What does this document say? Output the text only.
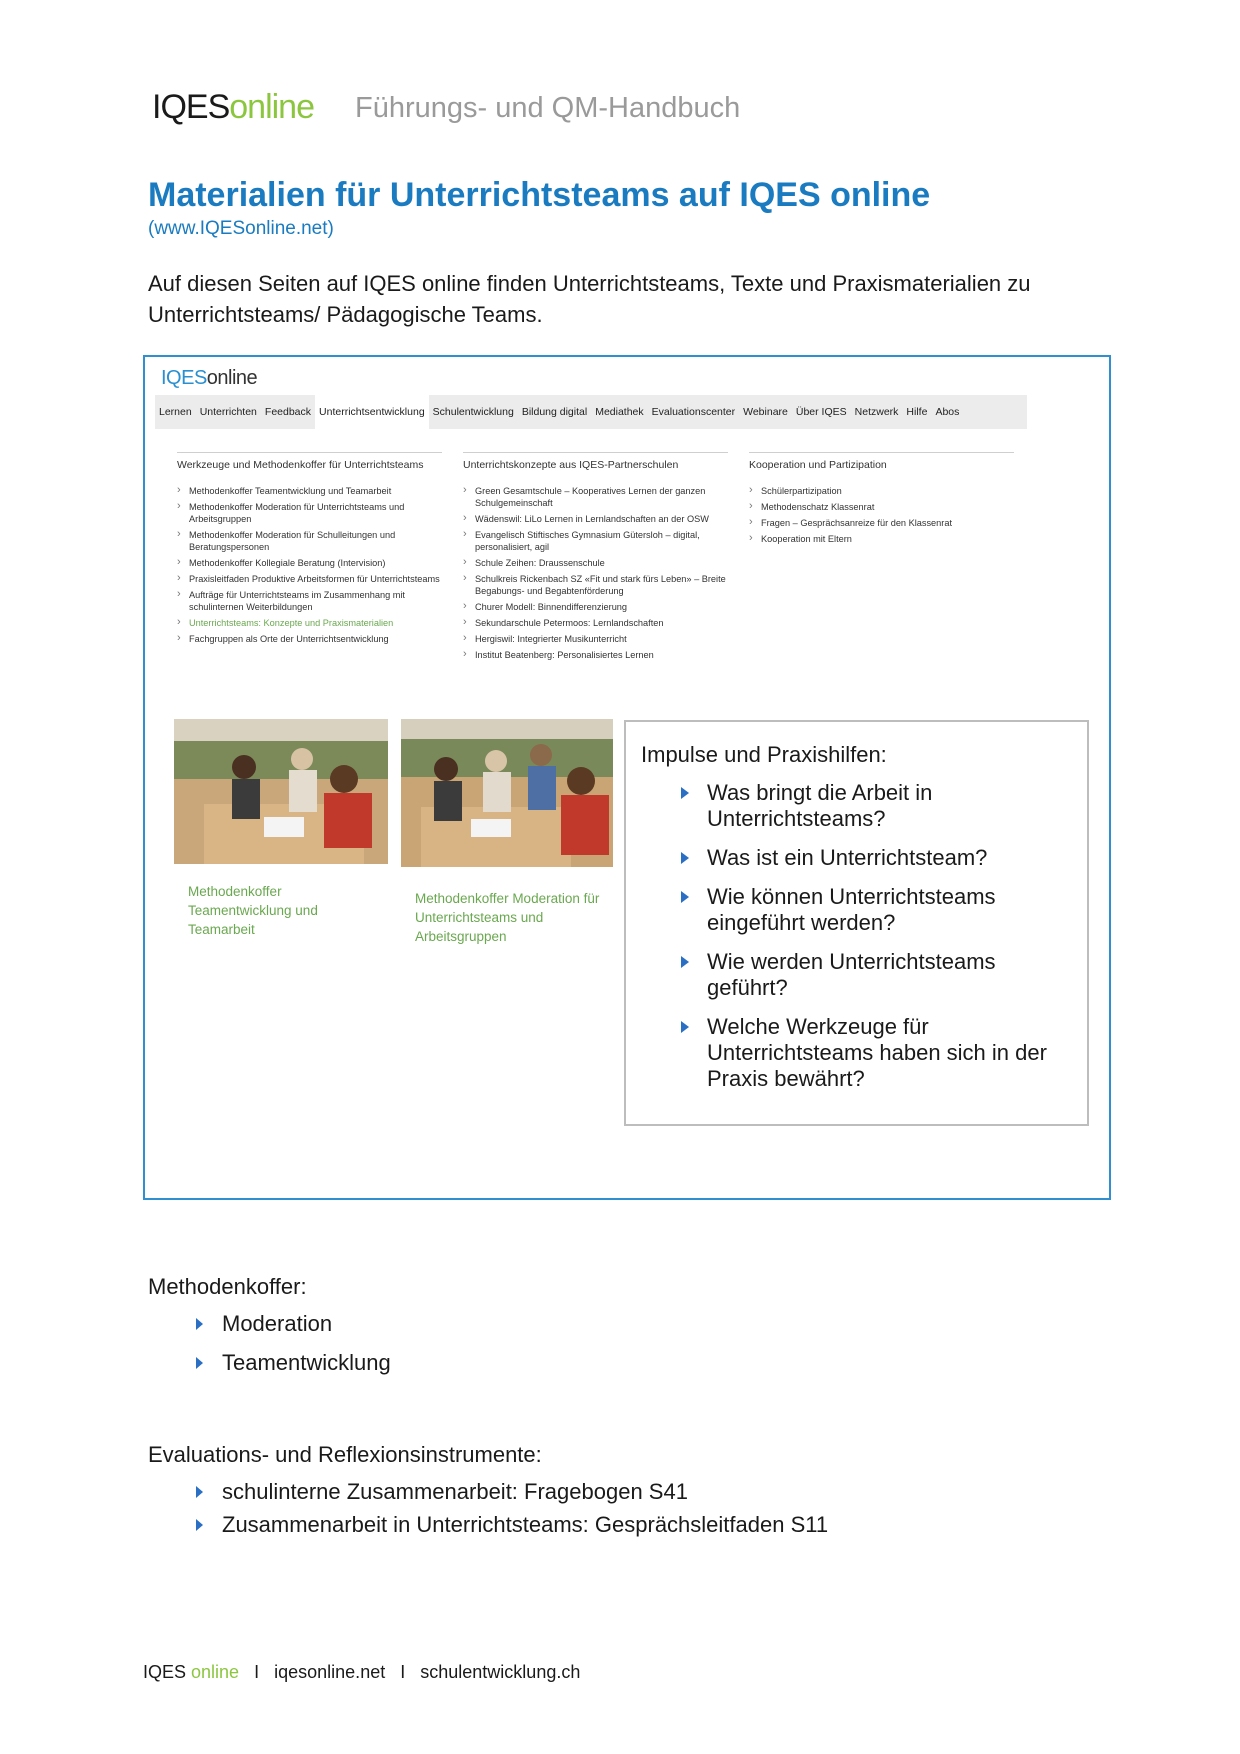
IQESonline Führungs- und QM-Handbuch
Materialien für Unterrichtsteams auf IQES online
(www.IQESonline.net)
Auf diesen Seiten auf IQES online finden Unterrichtsteams, Texte und Praxismaterialien zu Unterrichtsteams/ Pädagogische Teams.
IQESonline
Lernen Unterrichten Feedback Unterrichtsentwicklung Schulentwicklung Bildung digital Mediathek Evaluationscenter Webinare Über IQES Netzwerk Hilfe Abos
Werkzeuge und Methodenkoffer für Unterrichtsteams
› Methodenkoffer Teamentwicklung und Teamarbeit
› Methodenkoffer Moderation für Unterrichtsteams und Arbeitsgruppen
› Methodenkoffer Moderation für Schulleitungen und Beratungspersonen
› Methodenkoffer Kollegiale Beratung (Intervision)
› Praxisleitfaden Produktive Arbeitsformen für Unterrichtsteams
› Aufträge für Unterrichtsteams im Zusammenhang mit schulinternen Weiterbildungen
› Unterrichtsteams: Konzepte und Praxismaterialien
› Fachgruppen als Orte der Unterrichtsentwicklung
Unterrichtskonzepte aus IQES-Partnerschulen
› Green Gesamtschule – Kooperatives Lernen der ganzen Schulgemeinschaft
› Wädenswil: LiLo Lernen in Lernlandschaften an der OSW
› Evangelisch Stiftisches Gymnasium Gütersloh – digital, personalisiert, agil
› Schule Zeihen: Draussenschule
› Schulkreis Rickenbach SZ «Fit und stark fürs Leben» – Breite Begabungs- und Begabtenförderung
› Churer Modell: Binnendifferenzierung
› Sekundarschule Petermoos: Lernlandschaften
› Hergiswil: Integrierter Musikunterricht
› Institut Beatenberg: Personalisiertes Lernen
Kooperation und Partizipation
› Schülerpartizipation
› Methodenschatz Klassenrat
› Fragen – Gesprächsanreize für den Klassenrat
› Kooperation mit Eltern
Methodenkoffer Teamentwicklung und Teamarbeit
Methodenkoffer Moderation für Unterrichtsteams und Arbeitsgruppen
Impulse und Praxishilfen:
Was bringt die Arbeit in Unterrichtsteams?
Was ist ein Unterrichtsteam?
Wie können Unterrichtsteams eingeführt werden?
Wie werden Unterrichtsteams geführt?
Welche Werkzeuge für Unterrichtsteams haben sich in der Praxis bewährt?
Methodenkoffer:
Moderation
Teamentwicklung
Evaluations- und Reflexionsinstrumente:
schulinterne Zusammenarbeit: Fragebogen S41
Zusammenarbeit in Unterrichtsteams: Gesprächsleitfaden S11
IQES online I iqesonline.net I schulentwicklung.ch
